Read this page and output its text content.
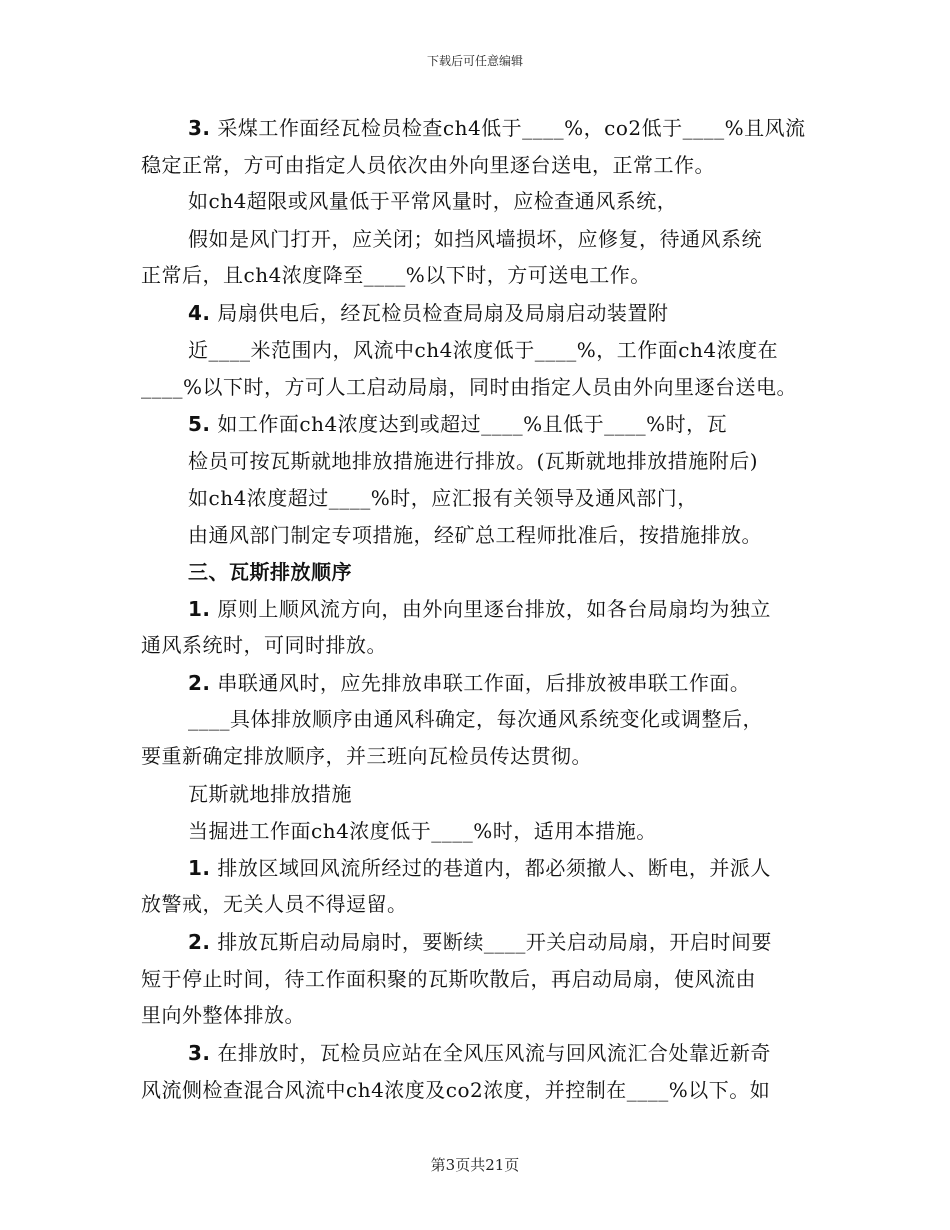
下载后可任意编辑
3. 采煤工作面经瓦检员检查ch4低于____%，co2低于____%且风流
稳定正常，方可由指定人员依次由外向里逐台送电，正常工作。
如ch4超限或风量低于平常风量时，应检查通风系统，
假如是风门打开，应关闭；如挡风墙损坏，应修复，待通风系统
正常后，且ch4浓度降至____%以下时，方可送电工作。
4. 局扇供电后，经瓦检员检查局扇及局扇启动装置附
近____米范围内，风流中ch4浓度低于____%，工作面ch4浓度在
____%以下时，方可人工启动局扇，同时由指定人员由外向里逐台送电。
5. 如工作面ch4浓度达到或超过____%且低于____%时，瓦
检员可按瓦斯就地排放措施进行排放。(瓦斯就地排放措施附后)
如ch4浓度超过____%时，应汇报有关领导及通风部门，
由通风部门制定专项措施，经矿总工程师批准后，按措施排放。
三、瓦斯排放顺序
1. 原则上顺风流方向，由外向里逐台排放，如各台局扇均为独立
通风系统时，可同时排放。
2. 串联通风时，应先排放串联工作面，后排放被串联工作面。
____具体排放顺序由通风科确定，每次通风系统变化或调整后，
要重新确定排放顺序，并三班向瓦检员传达贯彻。
瓦斯就地排放措施
当掘进工作面ch4浓度低于____%时，适用本措施。
1. 排放区域回风流所经过的巷道内，都必须撤人、断电，并派人
放警戒，无关人员不得逗留。
2. 排放瓦斯启动局扇时，要断续____开关启动局扇，开启时间要
短于停止时间，待工作面积聚的瓦斯吹散后，再启动局扇，使风流由
里向外整体排放。
3. 在排放时，瓦检员应站在全风压风流与回风流汇合处靠近新奇
风流侧检查混合风流中ch4浓度及co2浓度，并控制在____%以下。如
第3页共21页
